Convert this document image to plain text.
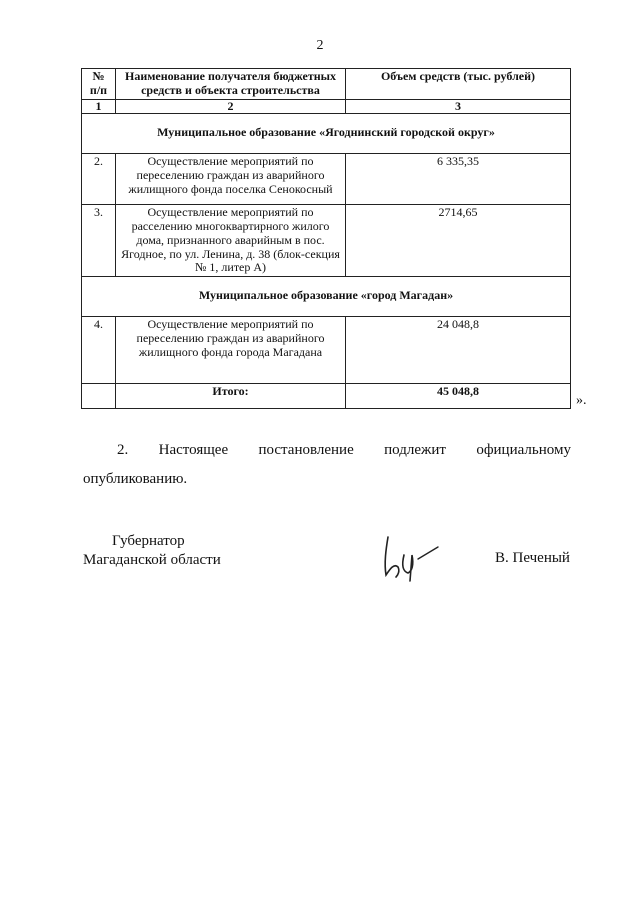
2
№ п/п	Наименование получателя бюджетных средств и объекта строительства	Объем средств (тыс. рублей)
1	2	3
Муниципальное образование «Ягоднинский городской округ»		
2.	Осуществление мероприятий по переселению граждан из аварийного жилищного фонда поселка Сенокосный	6 335,35
3.	Осуществление мероприятий по расселению многоквартирного жилого дома, признанного аварийным в пос. Ягодное, по ул. Ленина, д. 38 (блок-секция № 1, литер А)	2714,65
Муниципальное образование «город Магадан»		
4.	Осуществление мероприятий по переселению граждан из аварийного жилищного фонда города Магадана	24 048,8
	Итого:	45 048,8
».
2. Настоящее постановление подлежит официальному
опубликованию.
Губернатор
Магаданской области	В. Печеный
